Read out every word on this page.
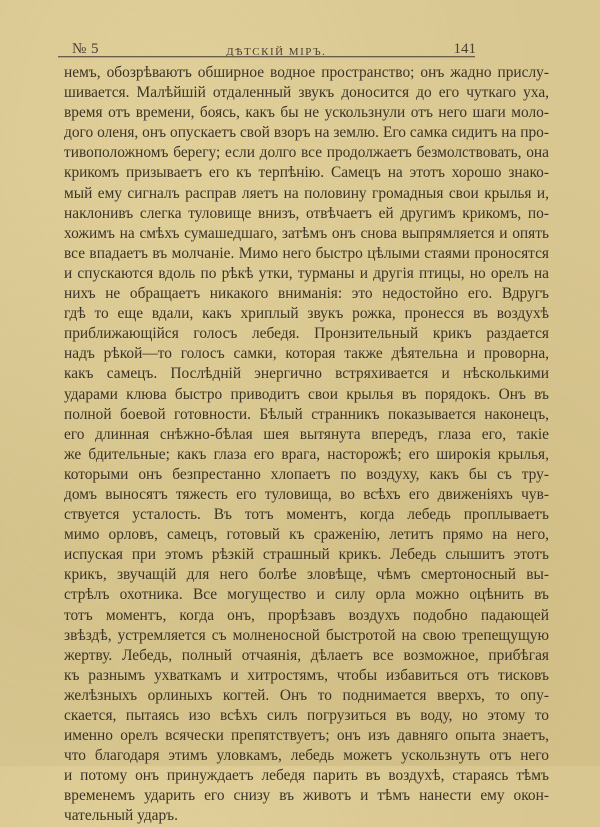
№ 5	ДѢТСКІЙ МІРЪ.	141
немъ, обозрѣваютъ обширное водное пространство; онъ жадно прислу-
шивается. Малѣйшій отдаленный звукъ доносится до его чуткаго уха,
время отъ времени, боясь, какъ бы не ускользнули отъ него шаги моло-
дого оленя, онъ опускаетъ свой взоръ на землю. Его самка сидитъ на про-
тивоположномъ берегу; если долго все продолжаетъ безмолствовать, она
крикомъ призываетъ его къ терпѣнію. Самецъ на этотъ хорошо знако-
мый ему сигналъ расправ ляетъ на половину громадныя свои крылья и,
наклонивъ слегка туловище внизъ, отвѣчаетъ ей другимъ крикомъ, по-
хожимъ на смѣхъ сумашедшаго, затѣмъ онъ снова выпрямляется и опять
все впадаетъ въ молчаніе. Мимо него быстро цѣлыми стаями проносятся
и спускаются вдоль по рѣкѣ утки, турманы и другія птицы, но орелъ на
нихъ не обращаетъ никакого вниманія: это недостойно его. Вдругъ
гдѣ то еще вдали, какъ хриплый звукъ рожка, пронесся въ воздухѣ
приближающійся голосъ лебедя. Пронзительный крикъ раздается
надъ рѣкой—то голосъ самки, которая также дѣятельна и проворна,
какъ самецъ. Послѣдній энергично встряхивается и нѣсколькими
ударами клюва быстро приводитъ свои крылья въ порядокъ. Онъ въ
полной боевой готовности. Бѣлый странникъ показывается наконецъ,
его длинная снѣжно-бѣлая шея вытянута впередъ, глаза его, такіе
же бдительные; какъ глаза его врага, насторожѣ; его широкія крылья,
которыми онъ безпрестанно хлопаетъ по воздуху, какъ бы съ тру-
домъ выносятъ тяжесть его туловища, во всѣхъ его движеніяхъ чув-
ствуется усталость. Въ тотъ моментъ, когда лебедь проплываетъ
мимо орловъ, самецъ, готовый къ сраженію, летитъ прямо на него,
испуская при этомъ рѣзкій страшный крикъ. Лебедь слышитъ этотъ
крикъ, звучащій для него болѣе зловѣще, чѣмъ смертоносный вы-
стрѣлъ охотника. Все могущество и силу орла можно оцѣнить въ
тотъ моментъ, когда онъ, прорѣзавъ воздухъ подобно падающей
звѣздѣ, устремляется съ молненосной быстротой на свою трепещущую
жертву. Лебедь, полный отчаянія, дѣлаетъ все возможное, прибѣгая
къ разнымъ ухваткамъ и хитростямъ, чтобы избавиться отъ тисковъ
желѣзныхъ орлиныхъ когтей. Онъ то поднимается вверхъ, то опу-
скается, пытаясь изо всѣхъ силъ погрузиться въ воду, но этому то
именно орелъ всячески препятствуетъ; онъ изъ давняго опыта знаетъ,
что благодаря этимъ уловкамъ, лебедь можетъ ускользнуть отъ него
и потому онъ принуждаетъ лебедя парить въ воздухѣ, стараясь тѣмъ
временемъ ударить его снизу въ животъ и тѣмъ нанести ему окон-
чательный ударъ.
